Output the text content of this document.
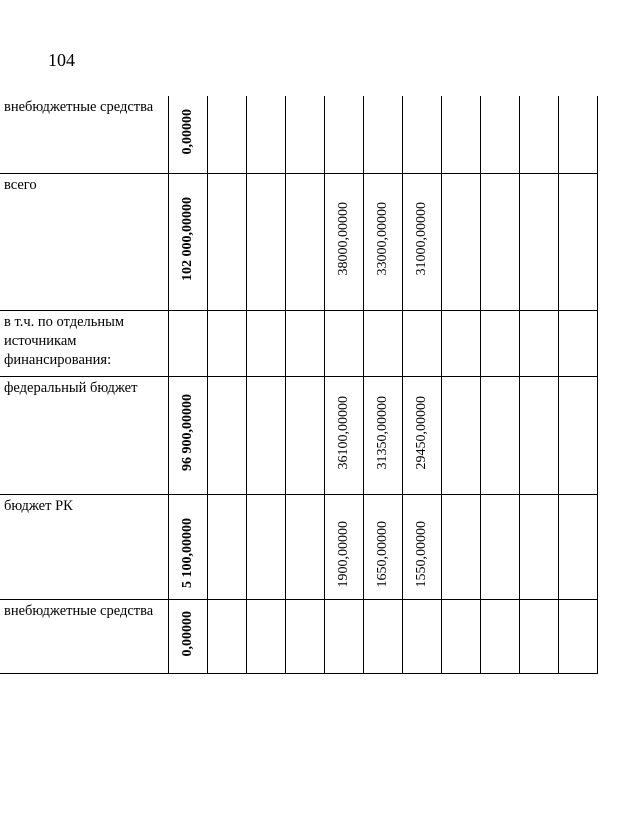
104
внебюджетные средства	0,00000										
всего	102 000,00000				38000,00000	33000,00000	31000,00000				
в т.ч. по отдельным источникам финансирования:											
федеральный бюджет	96 900,00000				36100,00000	31350,00000	29450,00000				
бюджет РК	5 100,00000				1900,00000	1650,00000	1550,00000				
внебюджетные средства	0,00000										
